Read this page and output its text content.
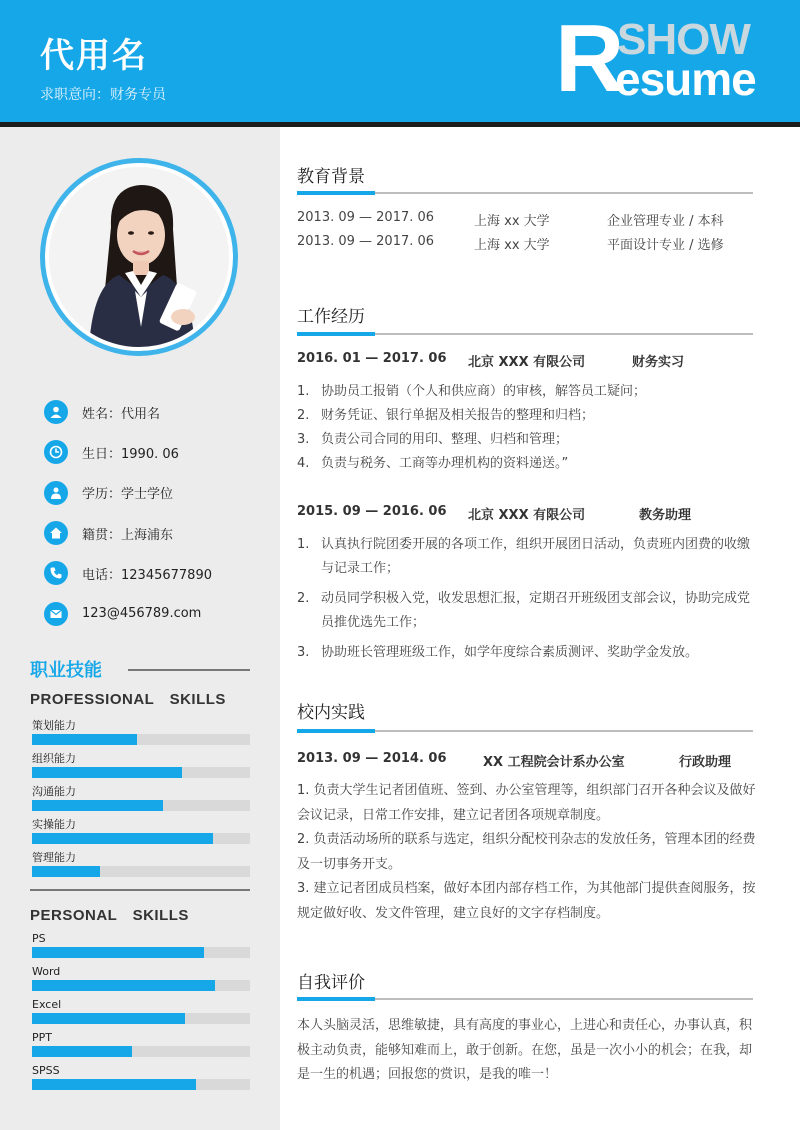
代用名
求职意向：财务专员	R
SHOW
esume
姓名：代用名
生日：1990. 06
学历：学士学位
籍贯：上海浦东
电话：12345677890
123@456789.com
职业技能
PROFESSIONAL　SKILLS
策划能力
组织能力
沟通能力
实操能力
管理能力
PERSONAL　SKILLS
PS
Word
Excel
PPT
SPSS
教育背景
2013. 09 — 2017. 06	上海 xx 大学	企业管理专业 / 本科
2013. 09 — 2017. 06	上海 xx 大学	平面设计专业 / 选修
工作经历
2016. 01 — 2017. 06 北京 XXX 有限公司	财务实习
1. 协助员工报销（个人和供应商）的审核，解答员工疑问；
2. 财务凭证、银行单据及相关报告的整理和归档；
3. 负责公司合同的用印、整理、归档和管理；
4. 负责与税务、工商等办理机构的资料递送。”
2015. 09 — 2016. 06 北京 XXX 有限公司	教务助理
1. 认真执行院团委开展的各项工作，组织开展团日活动，负责班内团费的收缴与记录工作；
2. 动员同学积极入党，收发思想汇报，定期召开班级团支部会议，协助完成党员推优选先工作；
3. 协助班长管理班级工作，如学年度综合素质测评、奖助学金发放。
校内实践
2013. 09 — 2014. 06	XX 工程院会计系办公室	行政助理
1. 负责大学生记者团值班、签到、办公室管理等，组织部门召开各种会议及做好会议记录，日常工作安排，建立记者团各项规章制度。
2. 负责活动场所的联系与选定，组织分配校刊杂志的发放任务，管理本团的经费及一切事务开支。
3. 建立记者团成员档案，做好本团内部存档工作，为其他部门提供查阅服务，按规定做好收、发文件管理，建立良好的文字存档制度。
自我评价
本人头脑灵活，思维敏捷，具有高度的事业心，上进心和责任心，办事认真，积极主动负责，能够知难而上，敢于创新。在您，虽是一次小小的机会；在我，却是一生的机遇；回报您的赏识，是我的唯一！
